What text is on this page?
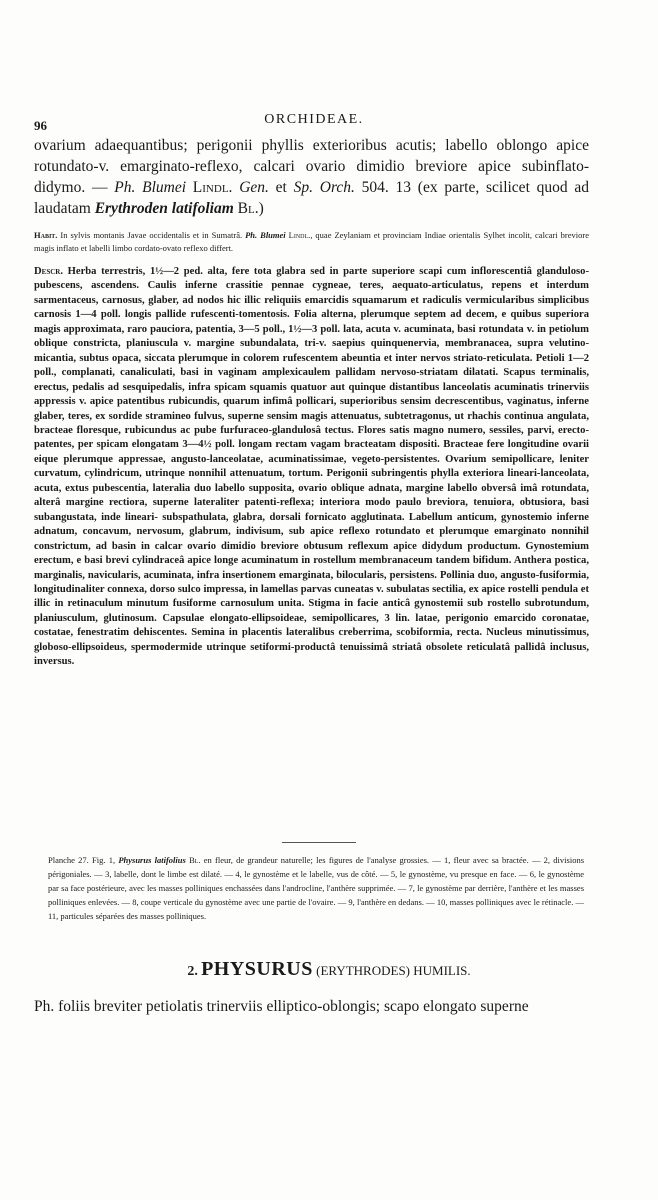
96	ORCHIDEAE.

ovarium adaequantibus; perigonii phyllis exterioribus acutis; labello oblongo apice rotundato-v. emarginato-reflexo, calcari ovario dimidio breviore apice subinflato-didymo. — Ph. Blumei Lindl. Gen. et Sp. Orch. 504. 13 (ex parte, scilicet quod ad laudatam Erythroden latifoliam Bl.)

Habit. In sylvis montanis Javae occidentalis et in Sumatrâ. Ph. Blumei Lindl., quae Zeylaniam et provinciam Indiae orientalis Sylhet incolit, calcari breviore magis inflato et labelli limbo cordato-ovato reflexo differt.

Descr. Herba terrestris, 1½—2 ped. alta, fere tota glabra sed in parte superiore scapi cum inflorescentiâ glanduloso-pubescens, ascendens. Caulis inferne crassitie pennae cygneae, teres, aequato-articulatus, repens et interdum sarmentaceus, carnosus, glaber, ad nodos hic illic reliquiis emarcidis squamarum et radiculis vermicularibus simplicibus carnosis 1—4 poll. longis pallide rufescenti-tomentosis. Folia alterna, plerumque septem ad decem, e quibus superiora magis approximata, raro pauciora, patentia, 3—5 poll., 1½—3 poll. lata, acuta v. acuminata, basi rotundata v. in petiolum oblique constricta, planiuscula v. margine subundalata, tri-v. saepius quinquenervia, membranacea, supra velutino-micantia, subtus opaca, siccata plerumque in colorem rufescentem abeuntia et inter nervos striato-reticulata. Petioli 1—2 poll., complanati, canaliculati, basi in vaginam amplexicaulem pallidam nervoso-striatam dilatati. Scapus terminalis, erectus, pedalis ad sesquipedalis, infra spicam squamis quatuor aut quinque distantibus lanceolatis acuminatis trinerviis appressis v. apice patentibus rubicundis, quarum infimâ pollicari, superioribus sensim decrescentibus, vaginatus, inferne glaber, teres, ex sordide stramineo fulvus, superne sensim magis attenuatus, subtetragonus, ut rhachis continua angulata, bracteae floresque, rubicundus ac pube furfuraceo-glandulosâ tectus. Flores satis magno numero, sessiles, parvi, erecto-patentes, per spicam elongatam 3—4½ poll. longam rectam vagam bracteatam dispositi. Bracteae fere longitudine ovarii eique plerumque appressae, angusto-lanceolatae, acuminatissimae, vegeto-persistentes. Ovarium semipollicare, leniter curvatum, cylindricum, utrinque nonnihil attenuatum, tortum. Perigonii subringentis phylla exteriora lineari-lanceolata, acuta, extus pubescentia, lateralia duo labello supposita, ovario oblique adnata, margine labello obversâ imâ rotundata, alterâ margine rectiora, superne lateraliter patenti-reflexa; interiora modo paulo breviora, tenuiora, obtusiora, basi subangustata, inde lineari- subspathulata, glabra, dorsali fornicato agglutinata. Labellum anticum, gynostemio inferne adnatum, concavum, nervosum, glabrum, indivisum, sub apice reflexo rotundato et plerumque emarginato nonnihil constrictum, ad basin in calcar ovario dimidio breviore obtusum reflexum apice didydum productum. Gynostemium erectum, e basi brevi cylindraceâ apice longe acuminatum in rostellum membranaceum tandem bifidum. Anthera postica, marginalis, navicularis, acuminata, infra insertionem emarginata, bilocularis, persistens. Pollinia duo, angusto-fusiformia, longitudinaliter connexa, dorso sulco impressa, in lamellas parvas cuneatas v. subulatas sectilia, ex apice rostelli pendula et illic in retinaculum minutum fusiforme carnosulum unita. Stigma in facie anticâ gynostemii sub rostello subrotundum, planiusculum, glutinosum. Capsulae elongato-ellipsoideae, semipollicares, 3 lin. latae, perigonio emarcido coronatae, costatae, fenestratim dehiscentes. Semina in placentis lateralibus creberrima, scobiformia, recta. Nucleus minutissimus, globoso-ellipsoideus, spermodermide utrinque setiformi-productâ tenuissimâ striatâ obsolete reticulatâ pallidâ inclusus, inversus.

Planche 27. Fig. 1, Physurus latifolius Bl. en fleur, de grandeur naturelle; les figures de l'analyse grossies. — 1, fleur avec sa bractée. — 2, divisions périgoniales. — 3, labelle, dont le limbe est dilaté. — 4, le gynostème et le labelle, vus de côté. — 5, le gynostème, vu presque en face. — 6, le gynostème par sa face postérieure, avec les masses polliniques enchassées dans l'androcline, l'anthère supprimée. — 7, le gynostème par derrière, l'anthère et les masses polliniques enlevées. — 8, coupe verticale du gynostème avec une partie de l'ovaire. — 9, l'anthère en dedans. — 10, masses polliniques avec le rétinacle. — 11, particules séparées des masses polliniques.

2. PHYSURUS (ERYTHRODES) HUMILIS.

Ph. foliis breviter petiolatis trinerviis elliptico-oblongis; scapo elongato superne
